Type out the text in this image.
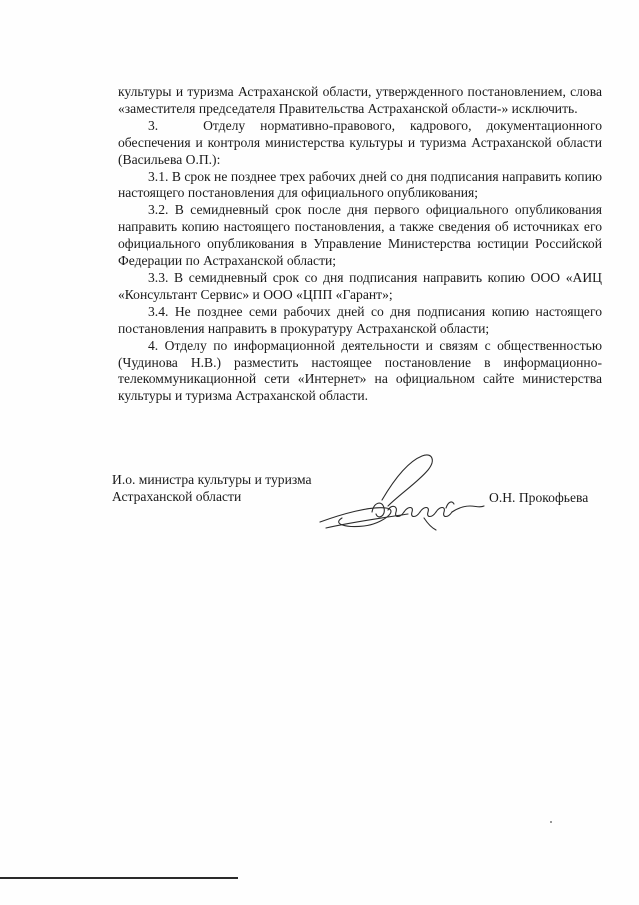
культуры и туризма Астраханской области, утвержденного постановлением, слова «заместителя председателя Правительства Астраханской области-» исключить.

3.   Отделу нормативно-правового, кадрового, документационного обеспечения и контроля министерства культуры и туризма Астраханской области (Васильева О.П.):

3.1. В срок не позднее трех рабочих дней со дня подписания направить копию настоящего постановления для официального опубликования;

3.2. В семидневный срок после дня первого официального опубликования направить копию настоящего постановления, а также сведения об источниках его официального опубликования в Управление Министерства юстиции Российской Федерации по Астраханской области;

3.3. В семидневный срок со дня подписания направить копию ООО «АИЦ «Консультант Сервис» и ООО «ЦПП «Гарант»;

3.4. Не позднее семи рабочих дней со дня подписания копию настоящего постановления направить в прокуратуру Астраханской области;

4. Отделу по информационной деятельности и связям с общественностью (Чудинова Н.В.) разместить настоящее постановление в информационно-телекоммуникационной сети «Интернет» на официальном сайте министерства культуры и туризма Астраханской области.

И.о. министра культуры и туризма
Астраханской области	О.Н. Прокофьева
